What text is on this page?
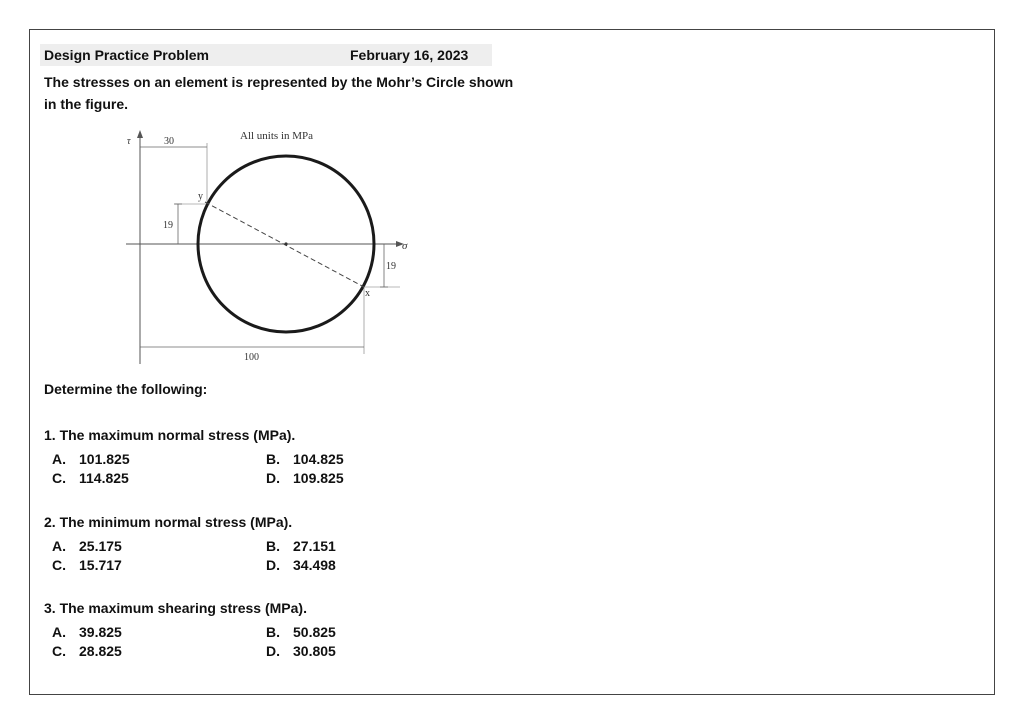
Design Practice Problem	February 16, 2023
The stresses on an element is represented by the Mohr’s Circle shown in the figure.
τ
σ
All units in MPa
30
19
y
x
19
100
Determine the following:
1. The maximum normal stress (MPa).
A. 101.825	B. 104.825
C. 114.825	D. 109.825
2. The minimum normal stress (MPa).
A. 25.175	B. 27.151
C. 15.717	D. 34.498
3. The maximum shearing stress (MPa).
A. 39.825	B. 50.825
C. 28.825	D. 30.805
